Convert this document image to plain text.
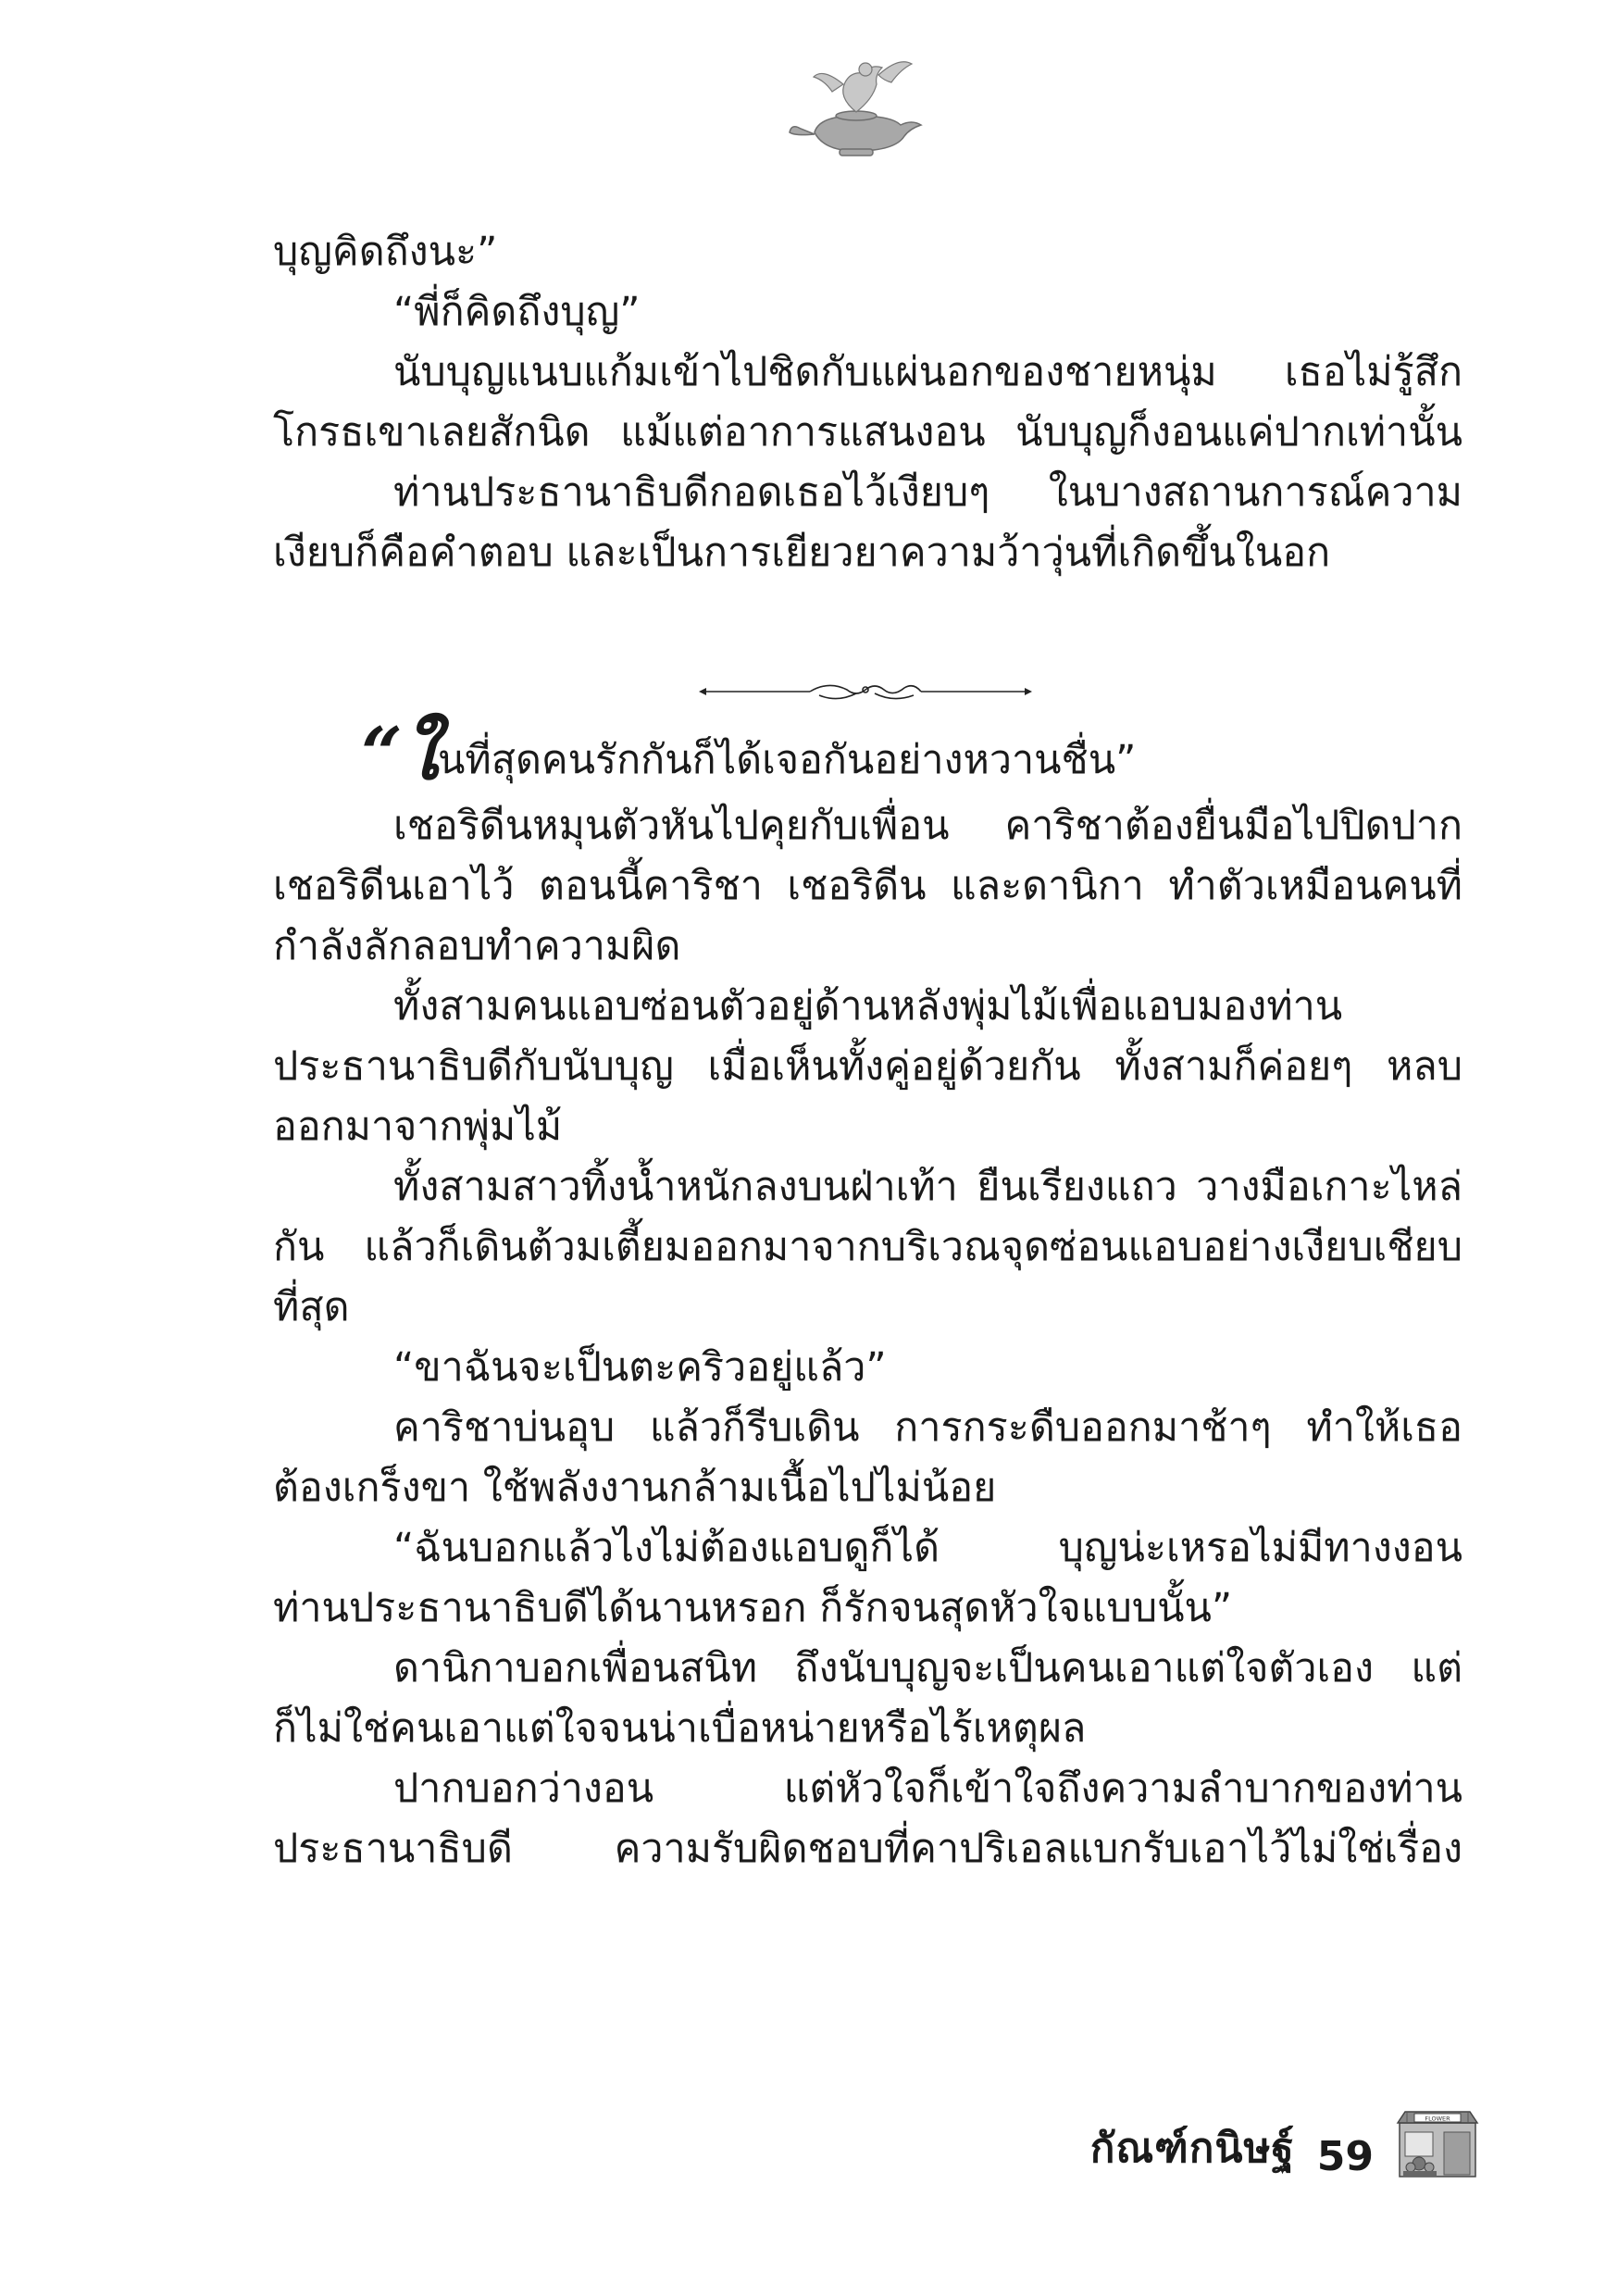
บุญคิดถึงนะ”
“พี่ก็คิดถึงบุญ”
นับบุญแนบแก้มเข้าไปชิดกับแผ่นอกของชายหนุ่ม เธอไม่รู้สึก
โกรธเขาเลยสักนิด แม้แต่อาการแสนงอน นับบุญก็งอนแค่ปากเท่านั้น
ท่านประธานาธิบดีกอดเธอไว้เงียบๆ ในบางสถานการณ์ความ
เงียบก็คือคำตอบ และเป็นการเยียวยาความว้าวุ่นที่เกิดขึ้นในอก
“ในที่สุดคนรักกันก็ได้เจอกันอย่างหวานชื่น”
เชอริดีนหมุนตัวหันไปคุยกับเพื่อน คาริชาต้องยื่นมือไปปิดปาก
เชอริดีนเอาไว้ ตอนนี้คาริชา เชอริดีน และดานิกา ทำตัวเหมือนคนที่
กำลังลักลอบทำความผิด
ทั้งสามคนแอบซ่อนตัวอยู่ด้านหลังพุ่มไม้เพื่อแอบมองท่าน
ประธานาธิบดีกับนับบุญ เมื่อเห็นทั้งคู่อยู่ด้วยกัน ทั้งสามก็ค่อยๆ หลบ
ออกมาจากพุ่มไม้
ทั้งสามสาวทิ้งน้ำหนักลงบนฝ่าเท้า ยืนเรียงแถว วางมือเกาะไหล่
กัน แล้วก็เดินต้วมเตี้ยมออกมาจากบริเวณจุดซ่อนแอบอย่างเงียบเชียบ
ที่สุด
“ขาฉันจะเป็นตะคริวอยู่แล้ว”
คาริชาบ่นอุบ แล้วก็รีบเดิน การกระดืบออกมาช้าๆ ทำให้เธอ
ต้องเกร็งขา ใช้พลังงานกล้ามเนื้อไปไม่น้อย
“ฉันบอกแล้วไงไม่ต้องแอบดูก็ได้ บุญน่ะเหรอไม่มีทางงอน
ท่านประธานาธิบดีได้นานหรอก ก็รักจนสุดหัวใจแบบนั้น”
ดานิกาบอกเพื่อนสนิท ถึงนับบุญจะเป็นคนเอาแต่ใจตัวเอง แต่
ก็ไม่ใช่คนเอาแต่ใจจนน่าเบื่อหน่ายหรือไร้เหตุผล
ปากบอกว่างอน แต่หัวใจก็เข้าใจถึงความลำบากของท่าน
ประธานาธิบดี ความรับผิดชอบที่คาปริเอลแบกรับเอาไว้ไม่ใช่เรื่อง
กัณฑ์กนิษฐ์ 59
FLOWER
